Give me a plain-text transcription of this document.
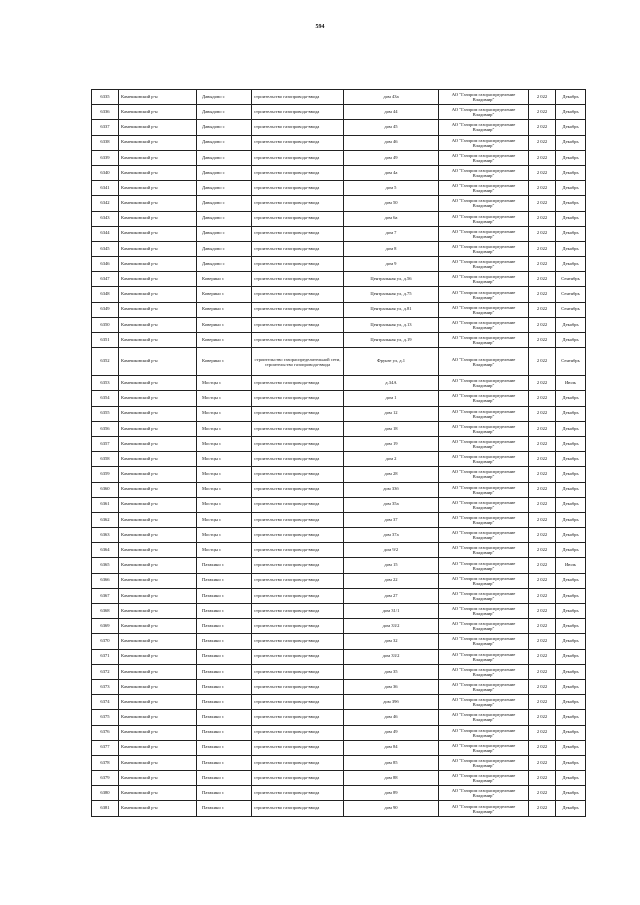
594
6335	Камешковский р-н	Давыдово с	строительство газопровода-ввода	дом 43а	АО "Газпром газораспределение Владимир"	2 022	Декабрь
6336	Камешковский р-н	Давыдово с	строительство газопровода-ввода	дом 44	АО "Газпром газораспределение Владимир"	2 022	Декабрь
6337	Камешковский р-н	Давыдово с	строительство газопровода-ввода	дом 45	АО "Газпром газораспределение Владимир"	2 022	Декабрь
6338	Камешковский р-н	Давыдово с	строительство газопровода-ввода	дом 46	АО "Газпром газораспределение Владимир"	2 022	Декабрь
6339	Камешковский р-н	Давыдово с	строительство газопровода-ввода	дом 49	АО "Газпром газораспределение Владимир"	2 022	Декабрь
6340	Камешковский р-н	Давыдово с	строительство газопровода-ввода	дом 4а	АО "Газпром газораспределение Владимир"	2 022	Декабрь
6341	Камешковский р-н	Давыдово с	строительство газопровода-ввода	дом 5	АО "Газпром газораспределение Владимир"	2 022	Декабрь
6342	Камешковский р-н	Давыдово с	строительство газопровода-ввода	дом 50	АО "Газпром газораспределение Владимир"	2 022	Декабрь
6343	Камешковский р-н	Давыдово с	строительство газопровода-ввода	дом 6а	АО "Газпром газораспределение Владимир"	2 022	Декабрь
6344	Камешковский р-н	Давыдово с	строительство газопровода-ввода	дом 7	АО "Газпром газораспределение Владимир"	2 022	Декабрь
6345	Камешковский р-н	Давыдово с	строительство газопровода-ввода	дом 8	АО "Газпром газораспределение Владимир"	2 022	Декабрь
6346	Камешковский р-н	Давыдово с	строительство газопровода-ввода	дом 9	АО "Газпром газораспределение Владимир"	2 022	Декабрь
6347	Камешковский р-н	Коверино с	строительство газопровода-ввода	Центральная ул, д.56	АО "Газпром газораспределение Владимир"	2 022	Сентябрь
6348	Камешковский р-н	Коверино с	строительство газопровода-ввода	Центральная ул, д.75	АО "Газпром газораспределение Владимир"	2 022	Сентябрь
6349	Камешковский р-н	Коверино с	строительство газопровода-ввода	Центральная ул, д.81	АО "Газпром газораспределение Владимир"	2 022	Сентябрь
6350	Камешковский р-н	Коверино с	строительство газопровода-ввода	Центральная ул, д.13	АО "Газпром газораспределение Владимир"	2 022	Декабрь
6351	Камешковский р-н	Коверино с	строительство газопровода-ввода	Центральная ул, д.19	АО "Газпром газораспределение Владимир"	2 022	Декабрь
6352	Камешковский р-н	Коверино с	строительство газораспределительной сети, строительство газопровода-ввода	Фрунзе ул, д.1	АО "Газпром газораспределение Владимир"	2 022	Сентябрь
6353	Камешковский р-н	Мостцы с	строительство газопровода-ввода	д.34А	АО "Газпром газораспределение Владимир"	2 022	Июль
6354	Камешковский р-н	Мостцы с	строительство газопровода-ввода	дом 1	АО "Газпром газораспределение Владимир"	2 022	Декабрь
6355	Камешковский р-н	Мостцы с	строительство газопровода-ввода	дом 12	АО "Газпром газораспределение Владимир"	2 022	Декабрь
6356	Камешковский р-н	Мостцы с	строительство газопровода-ввода	дом 18	АО "Газпром газораспределение Владимир"	2 022	Декабрь
6357	Камешковский р-н	Мостцы с	строительство газопровода-ввода	дом 19	АО "Газпром газораспределение Владимир"	2 022	Декабрь
6358	Камешковский р-н	Мостцы с	строительство газопровода-ввода	дом 2	АО "Газпром газораспределение Владимир"	2 022	Декабрь
6359	Камешковский р-н	Мостцы с	строительство газопровода-ввода	дом 28	АО "Газпром газораспределение Владимир"	2 022	Декабрь
6360	Камешковский р-н	Мостцы с	строительство газопровода-ввода	дом 33б	АО "Газпром газораспределение Владимир"	2 022	Декабрь
6361	Камешковский р-н	Мостцы с	строительство газопровода-ввода	дом 35а	АО "Газпром газораспределение Владимир"	2 022	Декабрь
6362	Камешковский р-н	Мостцы с	строительство газопровода-ввода	дом 37	АО "Газпром газораспределение Владимир"	2 022	Декабрь
6363	Камешковский р-н	Мостцы с	строительство газопровода-ввода	дом 37а	АО "Газпром газораспределение Владимир"	2 022	Декабрь
6364	Камешковский р-н	Мостцы с	строительство газопровода-ввода	дом 9/2	АО "Газпром газораспределение Владимир"	2 022	Декабрь
6365	Камешковский р-н	Патакино с	строительство газопровода-ввода	дом 15	АО "Газпром газораспределение Владимир"	2 022	Июль
6366	Камешковский р-н	Патакино с	строительство газопровода-ввода	дом 22	АО "Газпром газораспределение Владимир"	2 022	Декабрь
6367	Камешковский р-н	Патакино с	строительство газопровода-ввода	дом 27	АО "Газпром газораспределение Владимир"	2 022	Декабрь
6368	Камешковский р-н	Патакино с	строительство газопровода-ввода	дом 31/1	АО "Газпром газораспределение Владимир"	2 022	Декабрь
6369	Камешковский р-н	Патакино с	строительство газопровода-ввода	дом 33/2	АО "Газпром газораспределение Владимир"	2 022	Декабрь
6370	Камешковский р-н	Патакино с	строительство газопровода-ввода	дом 32	АО "Газпром газораспределение Владимир"	2 022	Декабрь
6371	Камешковский р-н	Патакино с	строительство газопровода-ввода	дом 33/2	АО "Газпром газораспределение Владимир"	2 022	Декабрь
6372	Камешковский р-н	Патакино с	строительство газопровода-ввода	дом 35	АО "Газпром газораспределение Владимир"	2 022	Декабрь
6373	Камешковский р-н	Патакино с	строительство газопровода-ввода	дом 36	АО "Газпром газораспределение Владимир"	2 022	Декабрь
6374	Камешковский р-н	Патакино с	строительство газопровода-ввода	дом 39б	АО "Газпром газораспределение Владимир"	2 022	Декабрь
6375	Камешковский р-н	Патакино с	строительство газопровода-ввода	дом 46	АО "Газпром газораспределение Владимир"	2 022	Декабрь
6376	Камешковский р-н	Патакино с	строительство газопровода-ввода	дом 49	АО "Газпром газораспределение Владимир"	2 022	Декабрь
6377	Камешковский р-н	Патакино с	строительство газопровода-ввода	дом 84	АО "Газпром газораспределение Владимир"	2 022	Декабрь
6378	Камешковский р-н	Патакино с	строительство газопровода-ввода	дом 85	АО "Газпром газораспределение Владимир"	2 022	Декабрь
6379	Камешковский р-н	Патакино с	строительство газопровода-ввода	дом 88	АО "Газпром газораспределение Владимир"	2 022	Декабрь
6380	Камешковский р-н	Патакино с	строительство газопровода-ввода	дом 89	АО "Газпром газораспределение Владимир"	2 022	Декабрь
6381	Камешковский р-н	Патакино с	строительство газопровода-ввода	дом 90	АО "Газпром газораспределение Владимир"	2 022	Декабрь
